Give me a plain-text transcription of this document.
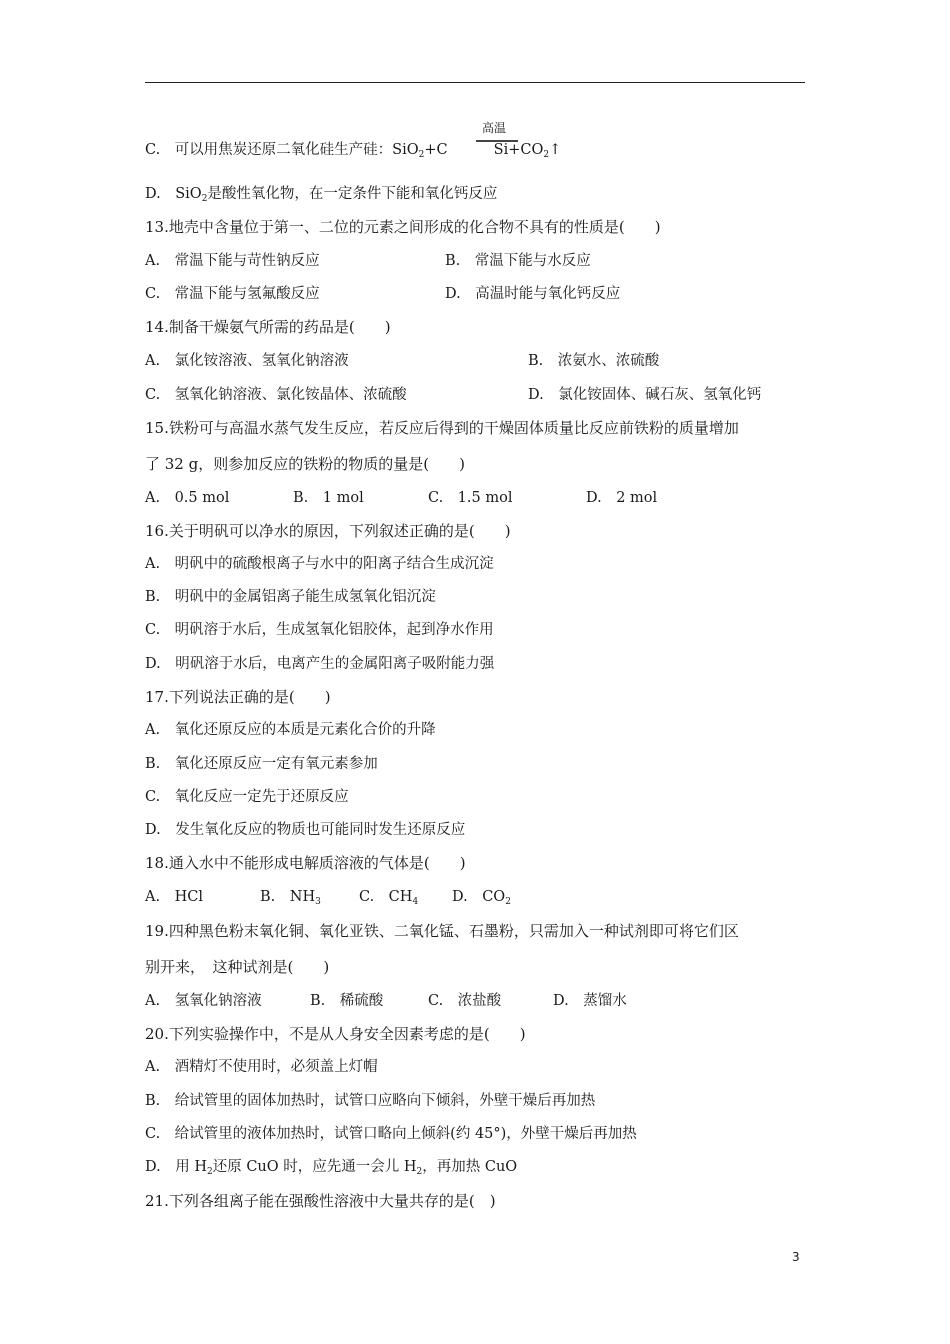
C.　可以用焦炭还原二氧化硅生产硅：SiO$_2$+C	$Si+CO_2↑$
高温
D.　SiO$_2$是酸性氧化物，在一定条件下能和氧化钙反应
13.地壳中含量位于第一、二位的元素之间形成的化合物不具有的性质是(　　)
A.　常温下能与苛性钠反应	B.　常温下能与水反应
C.　常温下能与氢氟酸反应	D.　高温时能与氧化钙反应
14.制备干燥氨气所需的药品是(　　)
A.　氯化铵溶液、氢氧化钠溶液	B.　浓氨水、浓硫酸
C.　氢氧化钠溶液、氯化铵晶体、浓硫酸	D.　氯化铵固体、碱石灰、氢氧化钙
15.铁粉可与高温水蒸气发生反应，若反应后得到的干燥固体质量比反应前铁粉的质量增加
了 32 g，则参加反应的铁粉的物质的量是(　　)
A.　0.5 mol	B.　1 mol	C.　1.5 mol	D.　2 mol
16.关于明矾可以净水的原因，下列叙述正确的是(　　)
A.　明矾中的硫酸根离子与水中的阳离子结合生成沉淀
B.　明矾中的金属铝离子能生成氢氧化铝沉淀
C.　明矾溶于水后，生成氢氧化铝胶体，起到净水作用
D.　明矾溶于水后，电离产生的金属阳离子吸附能力强
17.下列说法正确的是(　　)
A.　氧化还原反应的本质是元素化合价的升降
B.　氧化还原反应一定有氧元素参加
C.　氧化反应一定先于还原反应
D.　发生氧化反应的物质也可能同时发生还原反应
18.通入水中不能形成电解质溶液的气体是(　　)
A.　HCl	B.　$NH_3$	C.　$CH_4$ D.　$CO_2$
19.四种黑色粉末氧化铜、氧化亚铁、二氧化锰、石墨粉，只需加入一种试剂即可将它们区
别开来，　这种试剂是(　　)
A.　氢氧化钠溶液	B.　稀硫酸	C.　浓盐酸	D.　蒸馏水
20.下列实验操作中，不是从人身安全因素考虑的是(　　)
A.　酒精灯不使用时，必须盖上灯帽
B.　给试管里的固体加热时，试管口应略向下倾斜，外壁干燥后再加热
C.　给试管里的液体加热时，试管口略向上倾斜(约 45°)，外壁干燥后再加热
D.　用 $H_2$还原 CuO 时，应先通一会儿 $H_2$，再加热 CuO
21.下列各组离子能在强酸性溶液中大量共存的是(　)
3
